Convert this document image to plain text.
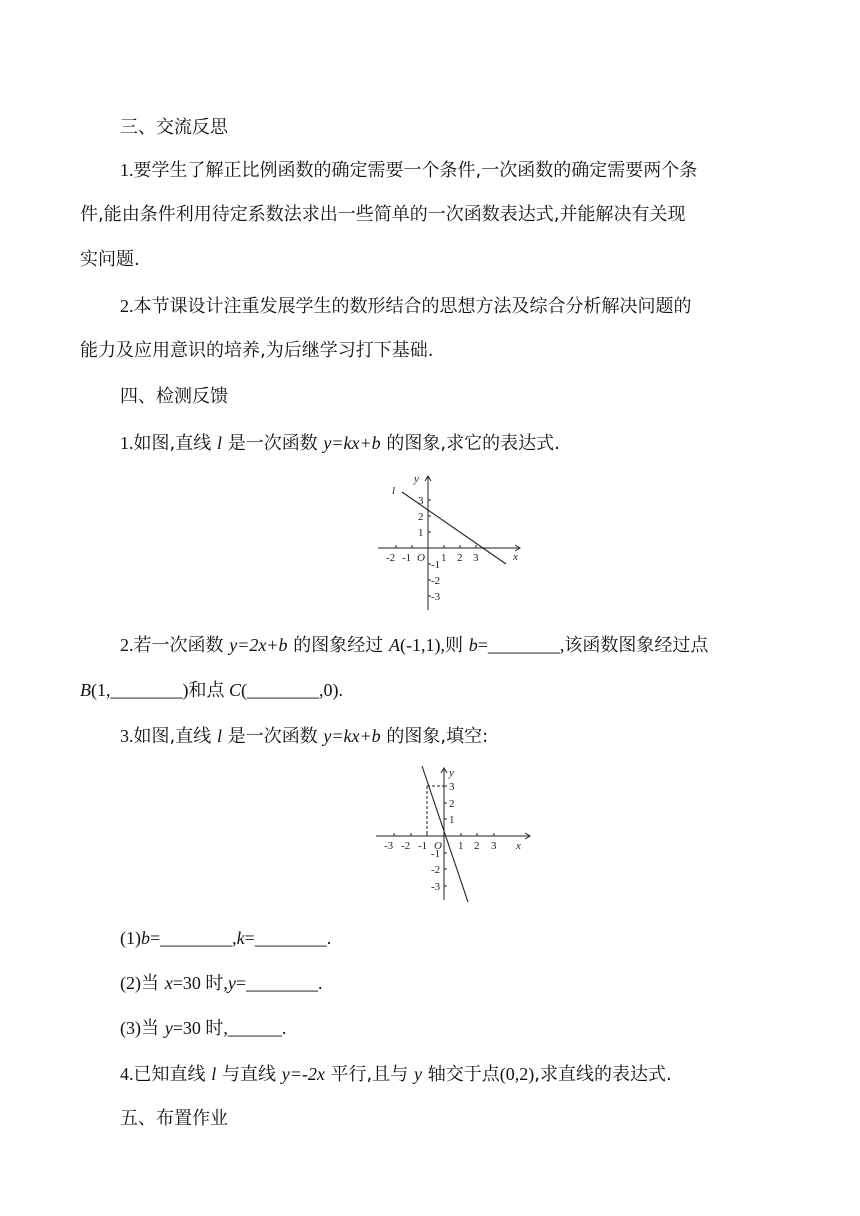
三、交流反思
1.要学生了解正比例函数的确定需要一个条件,一次函数的确定需要两个条
件,能由条件利用待定系数法求出一些简单的一次函数表达式,并能解决有关现
实问题.
2.本节课设计注重发展学生的数形结合的思想方法及综合分析解决问题的
能力及应用意识的培养,为后继学习打下基础.
四、检测反馈
1.如图,直线 l 是一次函数 y=kx+b 的图象,求它的表达式.
l
y
x
O
-2 -1	1 2 3
3
2
1
-1
-2
-3
2.若一次函数 y=2x+b 的图象经过 A(-1,1),则 b=________,该函数图象经过点
B(1,________)和点 C(________,0).
3.如图,直线 l 是一次函数 y=kx+b 的图象,填空:
y
x
O
-3 -2 -1	1 2 3
3
2
1
-1
-2
-3
(1)b=________,k=________.
(2)当 x=30 时,y=________.
(3)当 y=30 时,______.
4.已知直线 l 与直线 y=-2x 平行,且与 y 轴交于点(0,2),求直线的表达式.
五、布置作业
